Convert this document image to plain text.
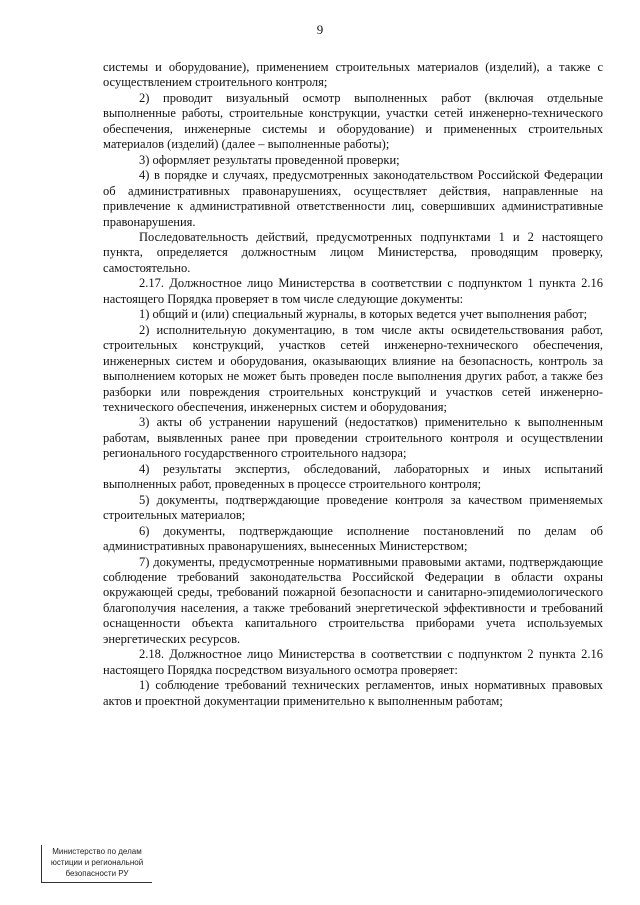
9

системы и оборудование), применением строительных материалов (изделий), а также с осуществлением строительного контроля;

2) проводит визуальный осмотр выполненных работ (включая отдельные выполненные работы, строительные конструкции, участки сетей инженерно-технического обеспечения, инженерные системы и оборудование) и примененных строительных материалов (изделий) (далее – выполненные работы);

3) оформляет результаты проведенной проверки;

4) в порядке и случаях, предусмотренных законодательством Российской Федерации об административных правонарушениях, осуществляет действия, направленные на привлечение к административной ответственности лиц, совершивших административные правонарушения.

Последовательность действий, предусмотренных подпунктами 1 и 2 настоящего пункта, определяется должностным лицом Министерства, проводящим проверку, самостоятельно.

2.17. Должностное лицо Министерства в соответствии с подпунктом 1 пункта 2.16 настоящего Порядка проверяет в том числе следующие документы:

1) общий и (или) специальный журналы, в которых ведется учет выполнения работ;

2) исполнительную документацию, в том числе акты освидетельствования работ, строительных конструкций, участков сетей инженерно-технического обеспечения, инженерных систем и оборудования, оказывающих влияние на безопасность, контроль за выполнением которых не может быть проведен после выполнения других работ, а также без разборки или повреждения строительных конструкций и участков сетей инженерно-технического обеспечения, инженерных систем и оборудования;

3) акты об устранении нарушений (недостатков) применительно к выполненным работам, выявленных ранее при проведении строительного контроля и осуществлении регионального государственного строительного надзора;

4) результаты экспертиз, обследований, лабораторных и иных испытаний выполненных работ, проведенных в процессе строительного контроля;

5) документы, подтверждающие проведение контроля за качеством применяемых строительных материалов;

6) документы, подтверждающие исполнение постановлений по делам об административных правонарушениях, вынесенных Министерством;

7) документы, предусмотренные нормативными правовыми актами, подтверждающие соблюдение требований законодательства Российской Федерации в области охраны окружающей среды, требований пожарной безопасности и санитарно-эпидемиологического благополучия населения, а также требований энергетической эффективности и требований оснащенности объекта капитального строительства приборами учета используемых энергетических ресурсов.

2.18. Должностное лицо Министерства в соответствии с подпунктом 2 пункта 2.16 настоящего Порядка посредством визуального осмотра проверяет:

1) соблюдение требований технических регламентов, иных нормативных правовых актов и проектной документации применительно к выполненным работам;

Министерство по делам
юстиции и региональной
безопасности РУ
